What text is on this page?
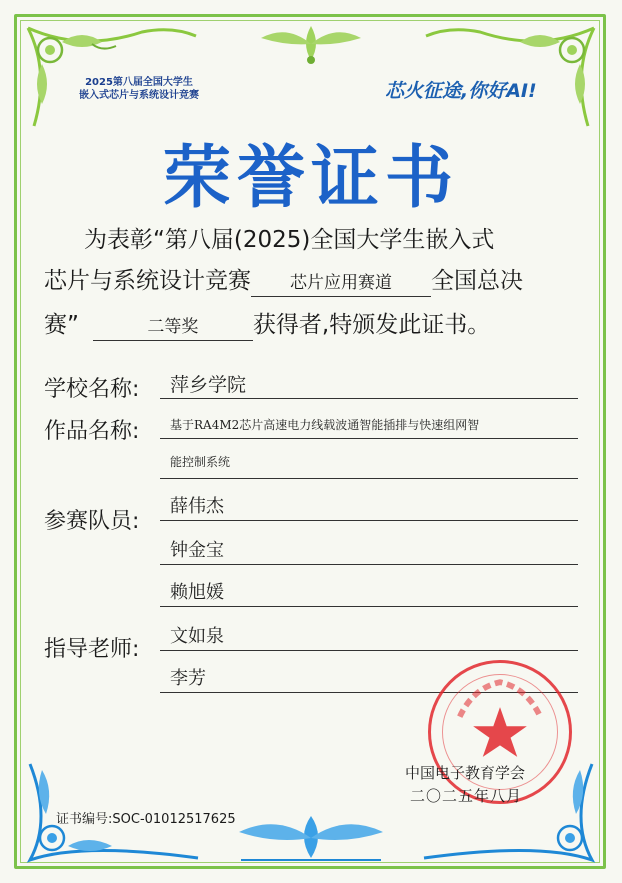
2025第八届全国大学生
嵌入式芯片与系统设计竞赛	芯火征途,你好AI!
荣誉证书
为表彰“第八届(2025)全国大学生嵌入式
芯片与系统设计竞赛 芯片应用赛道 全国总决
赛”	二等奖 获得者,特颁发此证书。
学校名称: 萍乡学院
作品名称:	基于RA4M2芯片高速电力线载波通智能插排与快速组网智
能控制系统
参赛队员:
薛伟杰
钟金宝
赖旭媛
指导老师:
文如泉
李芳
中国电子教育学会
二〇二五年八月
证书编号:SOC-01012517625
